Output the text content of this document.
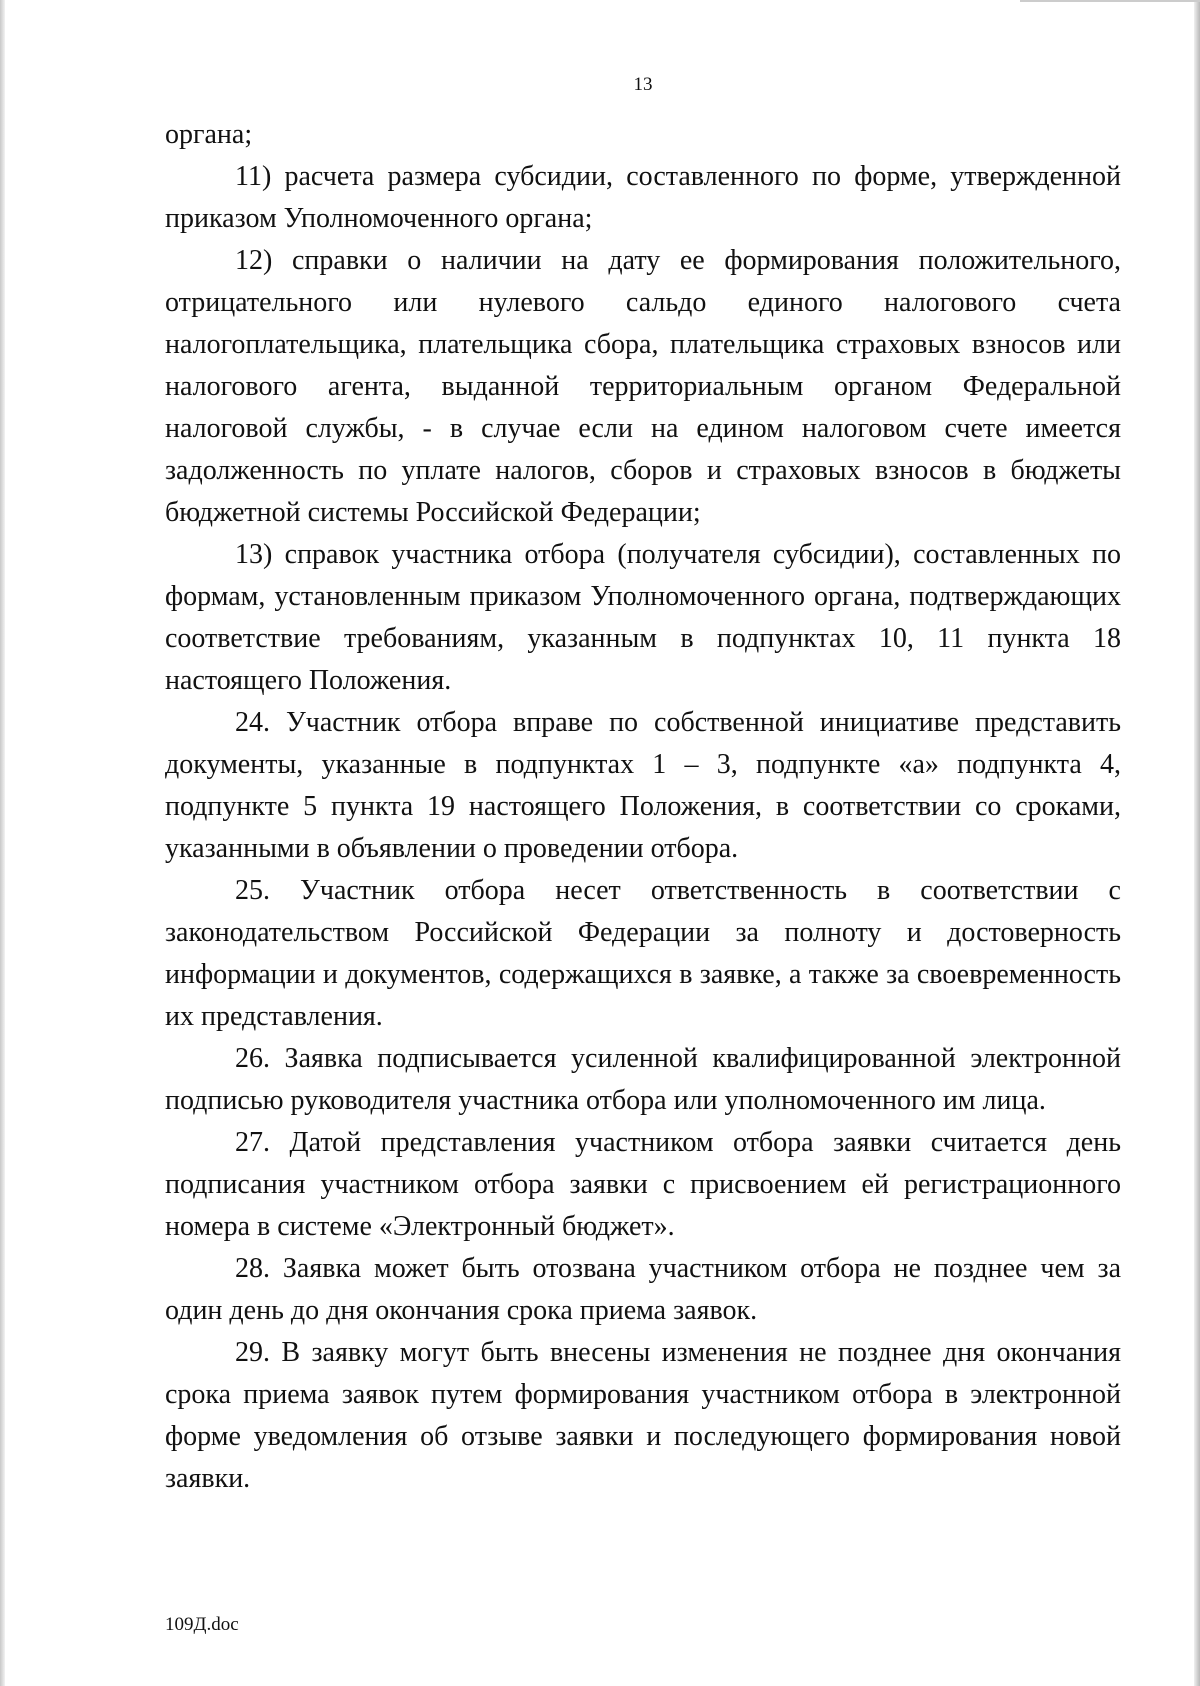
13

органа;

11) расчета размера субсидии, составленного по форме, утвержденной приказом Уполномоченного органа;

12) справки о наличии на дату ее формирования положительного, отрицательного или нулевого сальдо единого налогового счета налогоплательщика, плательщика сбора, плательщика страховых взносов или налогового агента, выданной территориальным органом Федеральной налоговой службы, - в случае если на едином налоговом счете имеется задолженность по уплате налогов, сборов и страховых взносов в бюджеты бюджетной системы Российской Федерации;

13) справок участника отбора (получателя субсидии), составленных по формам, установленным приказом Уполномоченного органа, подтверждающих соответствие требованиям, указанным в подпунктах 10, 11 пункта 18 настоящего Положения.

24. Участник отбора вправе по собственной инициативе представить документы, указанные в подпунктах 1 – 3, подпункте «а» подпункта 4, подпункте 5 пункта 19 настоящего Положения, в соответствии со сроками, указанными в объявлении о проведении отбора.

25. Участник отбора несет ответственность в соответствии с законодательством Российской Федерации за полноту и достоверность информации и документов, содержащихся в заявке, а также за своевременность их представления.

26. Заявка подписывается усиленной квалифицированной электронной подписью руководителя участника отбора или уполномоченного им лица.

27. Датой представления участником отбора заявки считается день подписания участником отбора заявки с присвоением ей регистрационного номера в системе «Электронный бюджет».

28. Заявка может быть отозвана участником отбора не позднее чем за один день до дня окончания срока приема заявок.

29. В заявку могут быть внесены изменения не позднее дня окончания срока приема заявок путем формирования участником отбора в электронной форме уведомления об отзыве заявки и последующего формирования новой заявки.

109Д.doc
